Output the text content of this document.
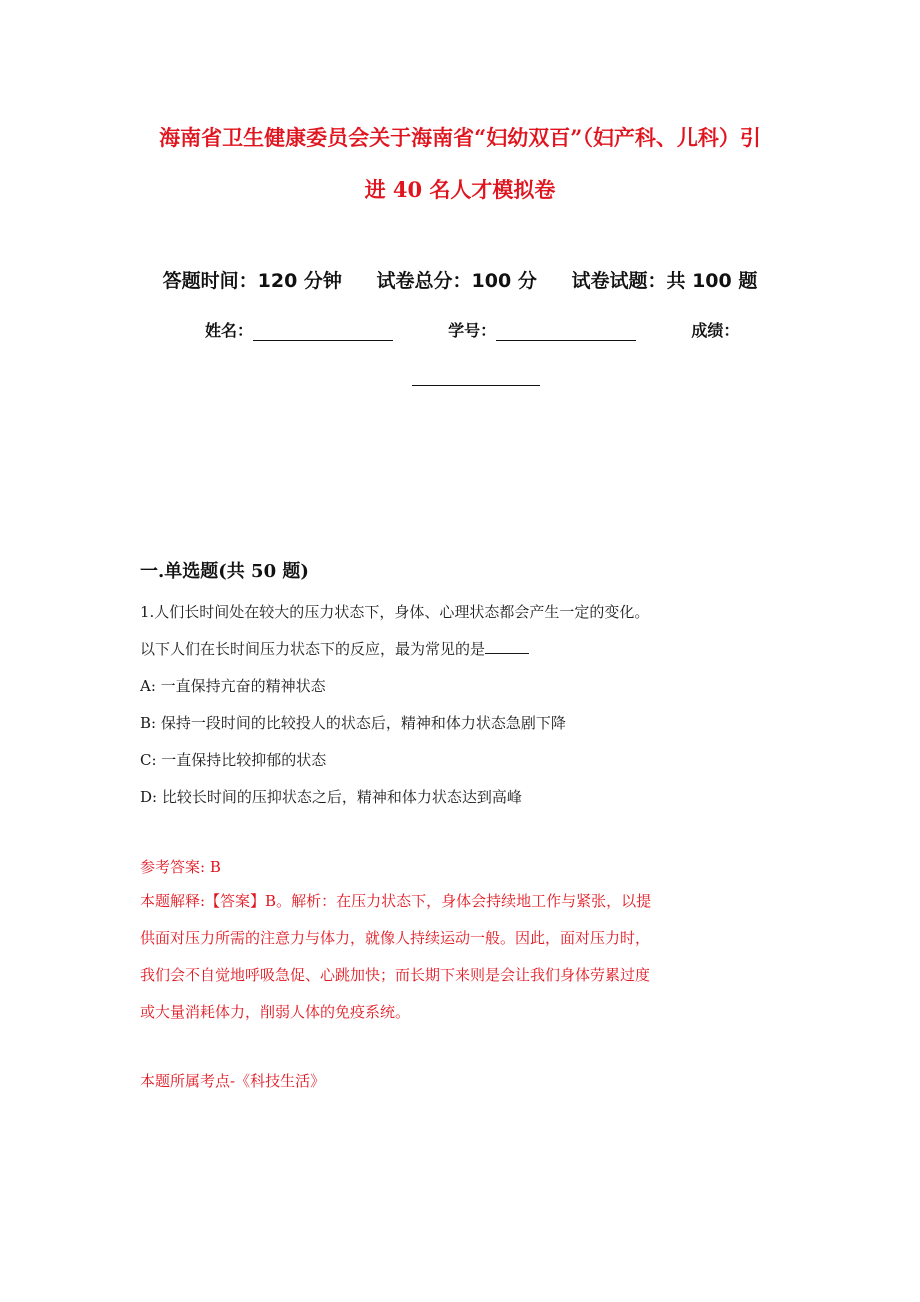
海南省卫生健康委员会关于海南省“妇幼双百”（妇产科、儿科）引
进 40 名人才模拟卷
答题时间：120 分钟 试卷总分：100 分 试卷试题：共 100 题
姓名：	学号：	成绩：
一.单选题(共 50 题)
1.人们长时间处在较大的压力状态下，身体、心理状态都会产生一定的变化。
以下人们在长时间压力状态下的反应，最为常见的是
A: 一直保持亢奋的精神状态
B: 保持一段时间的比较投人的状态后，精神和体力状态急剧下降
C: 一直保持比较抑郁的状态
D: 比较长时间的压抑状态之后，精神和体力状态达到高峰
参考答案: B
本题解释:【答案】B。解析：在压力状态下，身体会持续地工作与紧张，以提
供面对压力所需的注意力与体力，就像人持续运动一般。因此，面对压力时，
我们会不自觉地呼吸急促、心跳加快；而长期下来则是会让我们身体劳累过度
或大量消耗体力，削弱人体的免疫系统。
本题所属考点-《科技生活》
